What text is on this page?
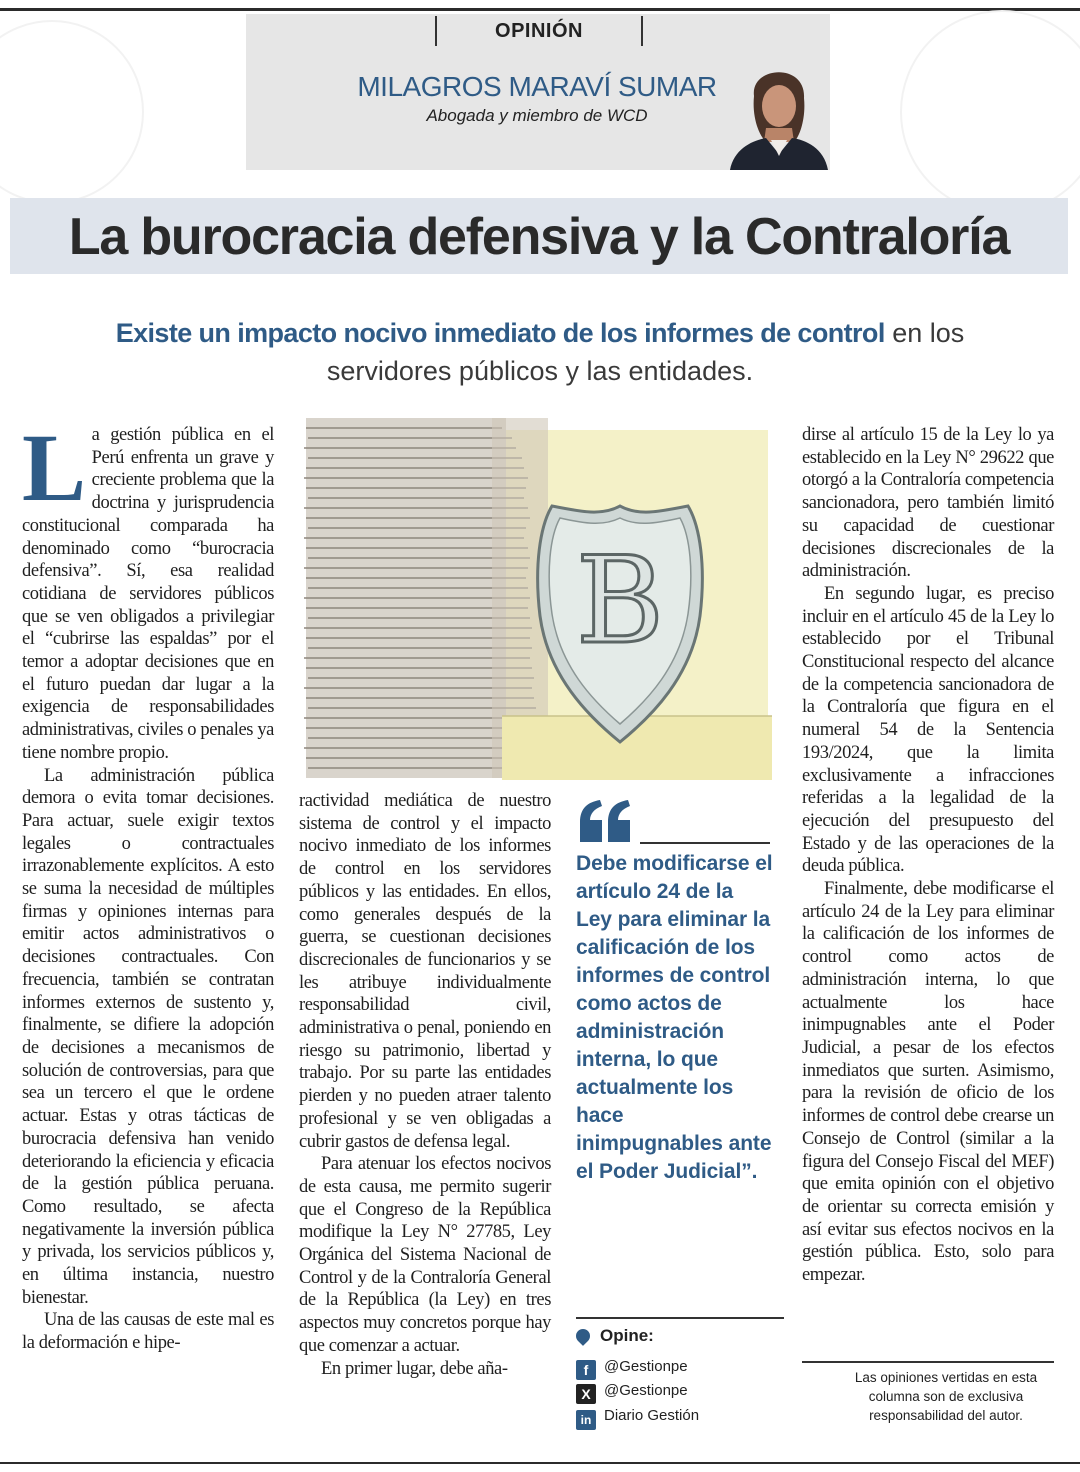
OPINIÓN
MILAGROS MARAVÍ SUMAR
Abogada y miembro de WCD
La burocracia defensiva y la Contraloría
Existe un impacto nocivo inmediato de los informes de control en los servidores públicos y las entidades.

La gestión pública en el Perú enfrenta un grave y creciente problema que la doctrina y jurisprudencia constitucional comparada ha denominado como “burocracia defensiva”. Sí, esa realidad cotidiana de servidores públicos que se ven obligados a privilegiar el “cubrirse las espaldas” por el temor a adoptar decisiones que en el futuro puedan dar lugar a la exigencia de responsabilidades administrativas, civiles o penales ya tiene nombre propio.

La administración pública demora o evita tomar decisiones. Para actuar, suele exigir textos legales o contractuales irrazonablemente explícitos. A esto se suma la necesidad de múltiples firmas y opiniones internas para emitir actos administrativos o decisiones contractuales. Con frecuencia, también se contratan informes externos de sustento y, finalmente, se difiere la adopción de decisiones a mecanismos de solución de controversias, para que sea un tercero el que le ordene actuar. Estas y otras tácticas de burocracia defensiva han venido deteriorando la eficiencia y eficacia de la gestión pública peruana. Como resultado, se afecta negativamente la inversión pública y privada, los servicios públicos y, en última instancia, nuestro bienestar.

Una de las causas de este mal es la deformación e hipe-

B

ractividad mediática de nuestro sistema de control y el impacto nocivo inmediato de los informes de control en los servidores públicos y las entidades. En ellos, como generales después de la guerra, se cuestionan decisiones discrecionales de funcionarios y se les atribuye individualmente responsabilidad civil, administrativa o penal, poniendo en riesgo su patrimonio, libertad y trabajo. Por su parte las entidades pierden y no pueden atraer talento profesional y se ven obligadas a cubrir gastos de defensa legal.

Para atenuar los efectos nocivos de esta causa, me permito sugerir que el Congreso de la República modifique la Ley N° 27785, Ley Orgánica del Sistema Nacional de Control y de la Contraloría General de la República (la Ley) en tres aspectos muy concretos porque hay que comenzar a actuar.

En primer lugar, debe aña-

Debe modificarse el artículo 24 de la Ley para eliminar la calificación de los informes de control como actos de administración interna, lo que actualmente los hace inimpugnables ante el Poder Judicial”.
Opine:
f @Gestionpe
X @Gestionpe
in Diario Gestión

dirse al artículo 15 de la Ley lo ya establecido en la Ley N° 29622 que otorgó a la Contraloría competencia sancionadora, pero también limitó su capacidad de cuestionar decisiones discrecionales de la administración.

En segundo lugar, es preciso incluir en el artículo 45 de la Ley lo establecido por el Tribunal Constitucional respecto del alcance de la competencia sancionadora de la Contraloría que figura en el numeral 54 de la Sentencia 193/2024, que la limita exclusivamente a infracciones referidas a la legalidad de la ejecución del presupuesto del Estado y de las operaciones de la deuda pública.

Finalmente, debe modificarse el artículo 24 de la Ley para eliminar la calificación de los informes de control como actos de administración interna, lo que actualmente los hace inimpugnables ante el Poder Judicial, a pesar de los efectos inmediatos que surten. Asimismo, para la revisión de oficio de los informes de control debe crearse un Consejo de Control (similar a la figura del Consejo Fiscal del MEF) que emita opinión con el objetivo de orientar su correcta emisión y así evitar sus efectos nocivos en la gestión pública. Esto, solo para empezar.

Las opiniones vertidas en esta columna son de exclusiva responsabilidad del autor.
